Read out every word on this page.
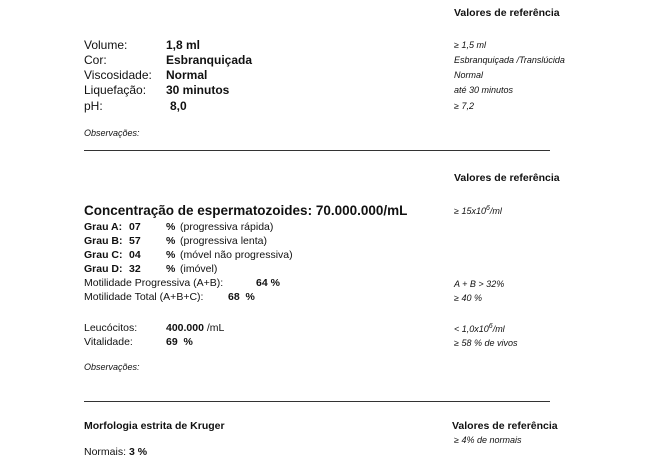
Valores de referência
Volume:	1,8 ml	≥ 1,5 ml
Cor:	Esbranquiçada	Esbranquiçada /Translúcida
Viscosidade: Normal	Normal
Liquefação: 30 minutos	até 30 minutos
pH:	8,0	≥ 7,2
Observações:
Valores de referência
Concentração de espermatozoides: 70.000.000/mL	≥ $15x10^6/ml$
Grau A: 07 % (progressiva rápida)
Grau B: 57 % (progressiva lenta)
Grau C: 04 % (móvel não progressiva)
Grau D: 32 % (imóvel)
Motilidade Progressiva (A+B):	64 %	A + B > 32%
Motilidade Total (A+B+C): 68 %	≥ 40 %
Leucócitos:	400.000 /mL	< $1,0x10^6/ml$
Vitalidade:	69 %	≥ 58 % de vivos
Observações:
Morfologia estrita de Kruger	Valores de referência
≥ 4% de normais
Normais: 3 %
